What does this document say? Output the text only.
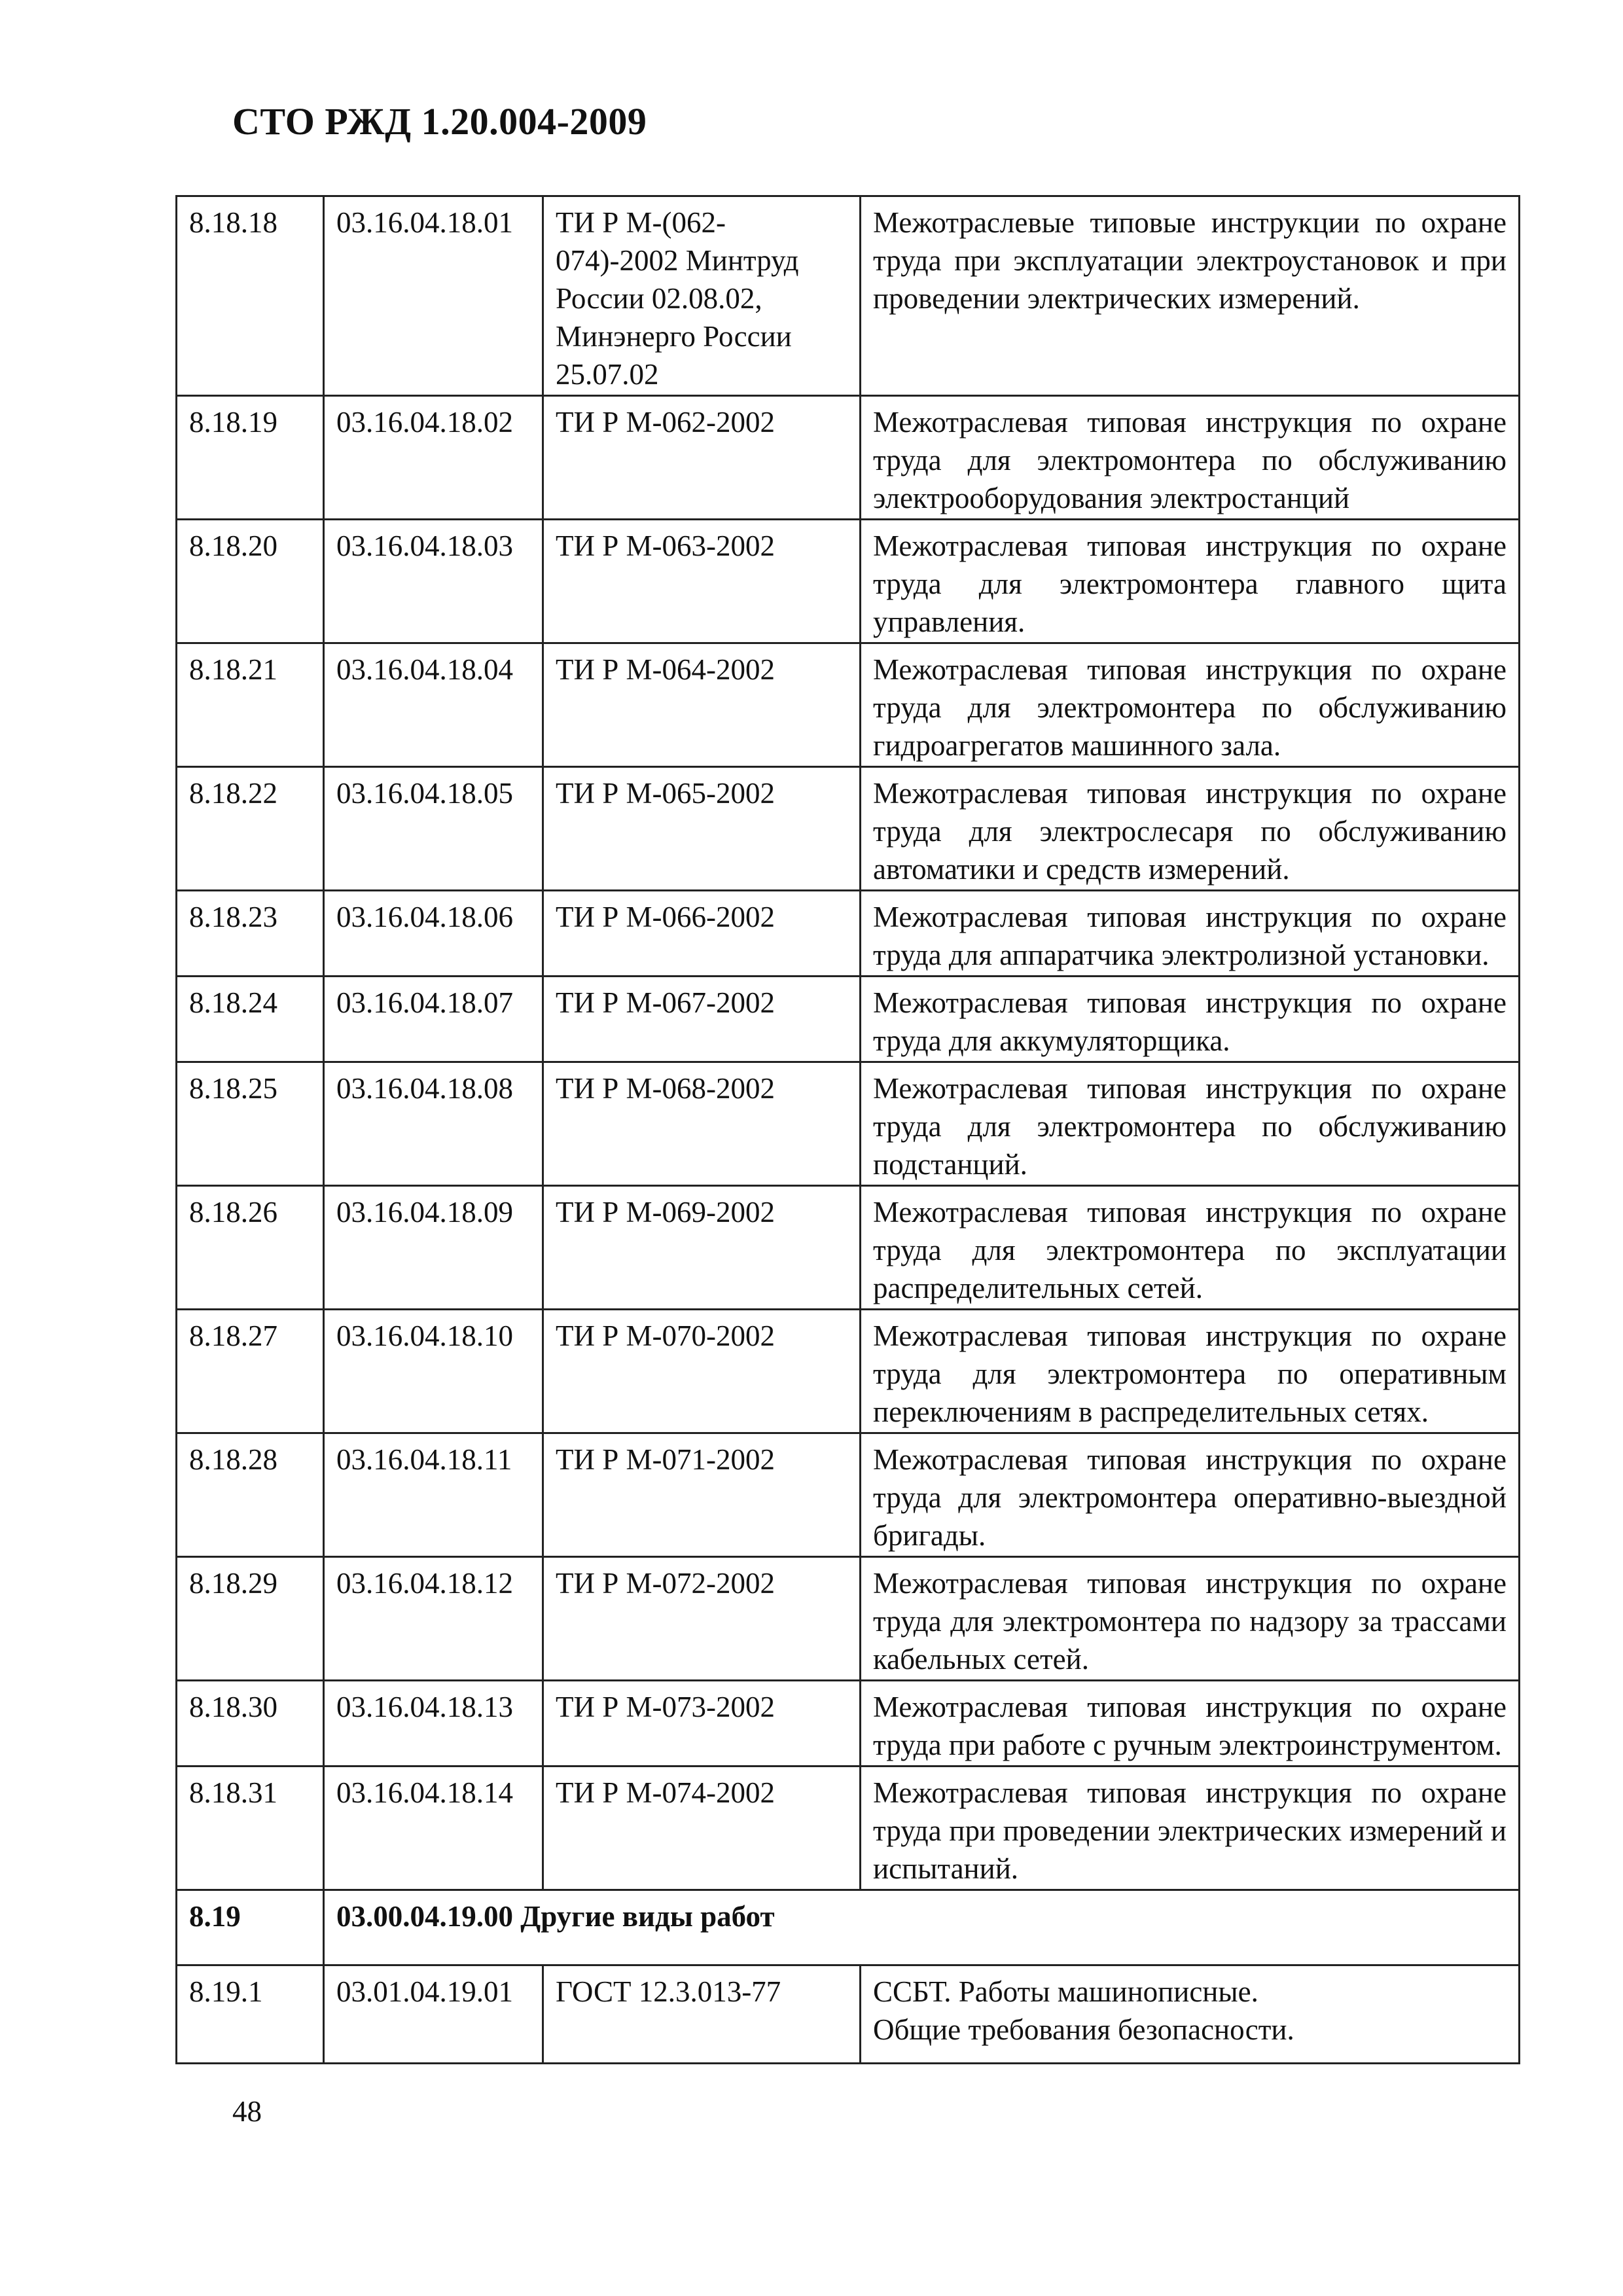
СТО РЖД 1.20.004-2009
8.18.18	03.16.04.18.01	ТИ Р М-(062-074)-2002 Минтруд России 02.08.02, Минэнерго России 25.07.02	Межотраслевые типовые инструкции по охране труда при эксплуатации электроустановок и при проведении электрических измерений.
8.18.19	03.16.04.18.02	ТИ Р М-062-2002	Межотраслевая типовая инструкция по охране труда для электромонтера по обслуживанию электрооборудования электростанций
8.18.20	03.16.04.18.03	ТИ Р М-063-2002	Межотраслевая типовая инструкция по охране труда для электромонтера главного щита управления.
8.18.21	03.16.04.18.04	ТИ Р М-064-2002	Межотраслевая типовая инструкция по охране труда для электромонтера по обслуживанию гидроагрегатов машинного зала.
8.18.22	03.16.04.18.05	ТИ Р М-065-2002	Межотраслевая типовая инструкция по охране труда для электрослесаря по обслуживанию автоматики и средств измерений.
8.18.23	03.16.04.18.06	ТИ Р М-066-2002	Межотраслевая типовая инструкция по охране труда для аппаратчика электролизной установки.
8.18.24	03.16.04.18.07	ТИ Р М-067-2002	Межотраслевая типовая инструкция по охране труда для аккумуляторщика.
8.18.25	03.16.04.18.08	ТИ Р М-068-2002	Межотраслевая типовая инструкция по охране труда для электромонтера по обслуживанию подстанций.
8.18.26	03.16.04.18.09	ТИ Р М-069-2002	Межотраслевая типовая инструкция по охране труда для электромонтера по эксплуатации распределительных сетей.
8.18.27	03.16.04.18.10	ТИ Р М-070-2002	Межотраслевая типовая инструкция по охране труда для электромонтера по оперативным переключениям в распределительных сетях.
8.18.28	03.16.04.18.11	ТИ Р М-071-2002	Межотраслевая типовая инструкция по охране труда для электромонтера оперативно-выездной бригады.
8.18.29	03.16.04.18.12	ТИ Р М-072-2002	Межотраслевая типовая инструкция по охране труда для электромонтера по надзору за трассами кабельных сетей.
8.18.30	03.16.04.18.13	ТИ Р М-073-2002	Межотраслевая типовая инструкция по охране труда при работе с ручным электроинструментом.
8.18.31	03.16.04.18.14	ТИ Р М-074-2002	Межотраслевая типовая инструкция по охране труда при проведении электрических измерений и испытаний.
8.19	03.00.04.19.00 Другие виды работ		
8.19.1	03.01.04.19.01	ГОСТ 12.3.013-77	ССБТ. Работы машинописные.
Общие требования безопасности.
48
